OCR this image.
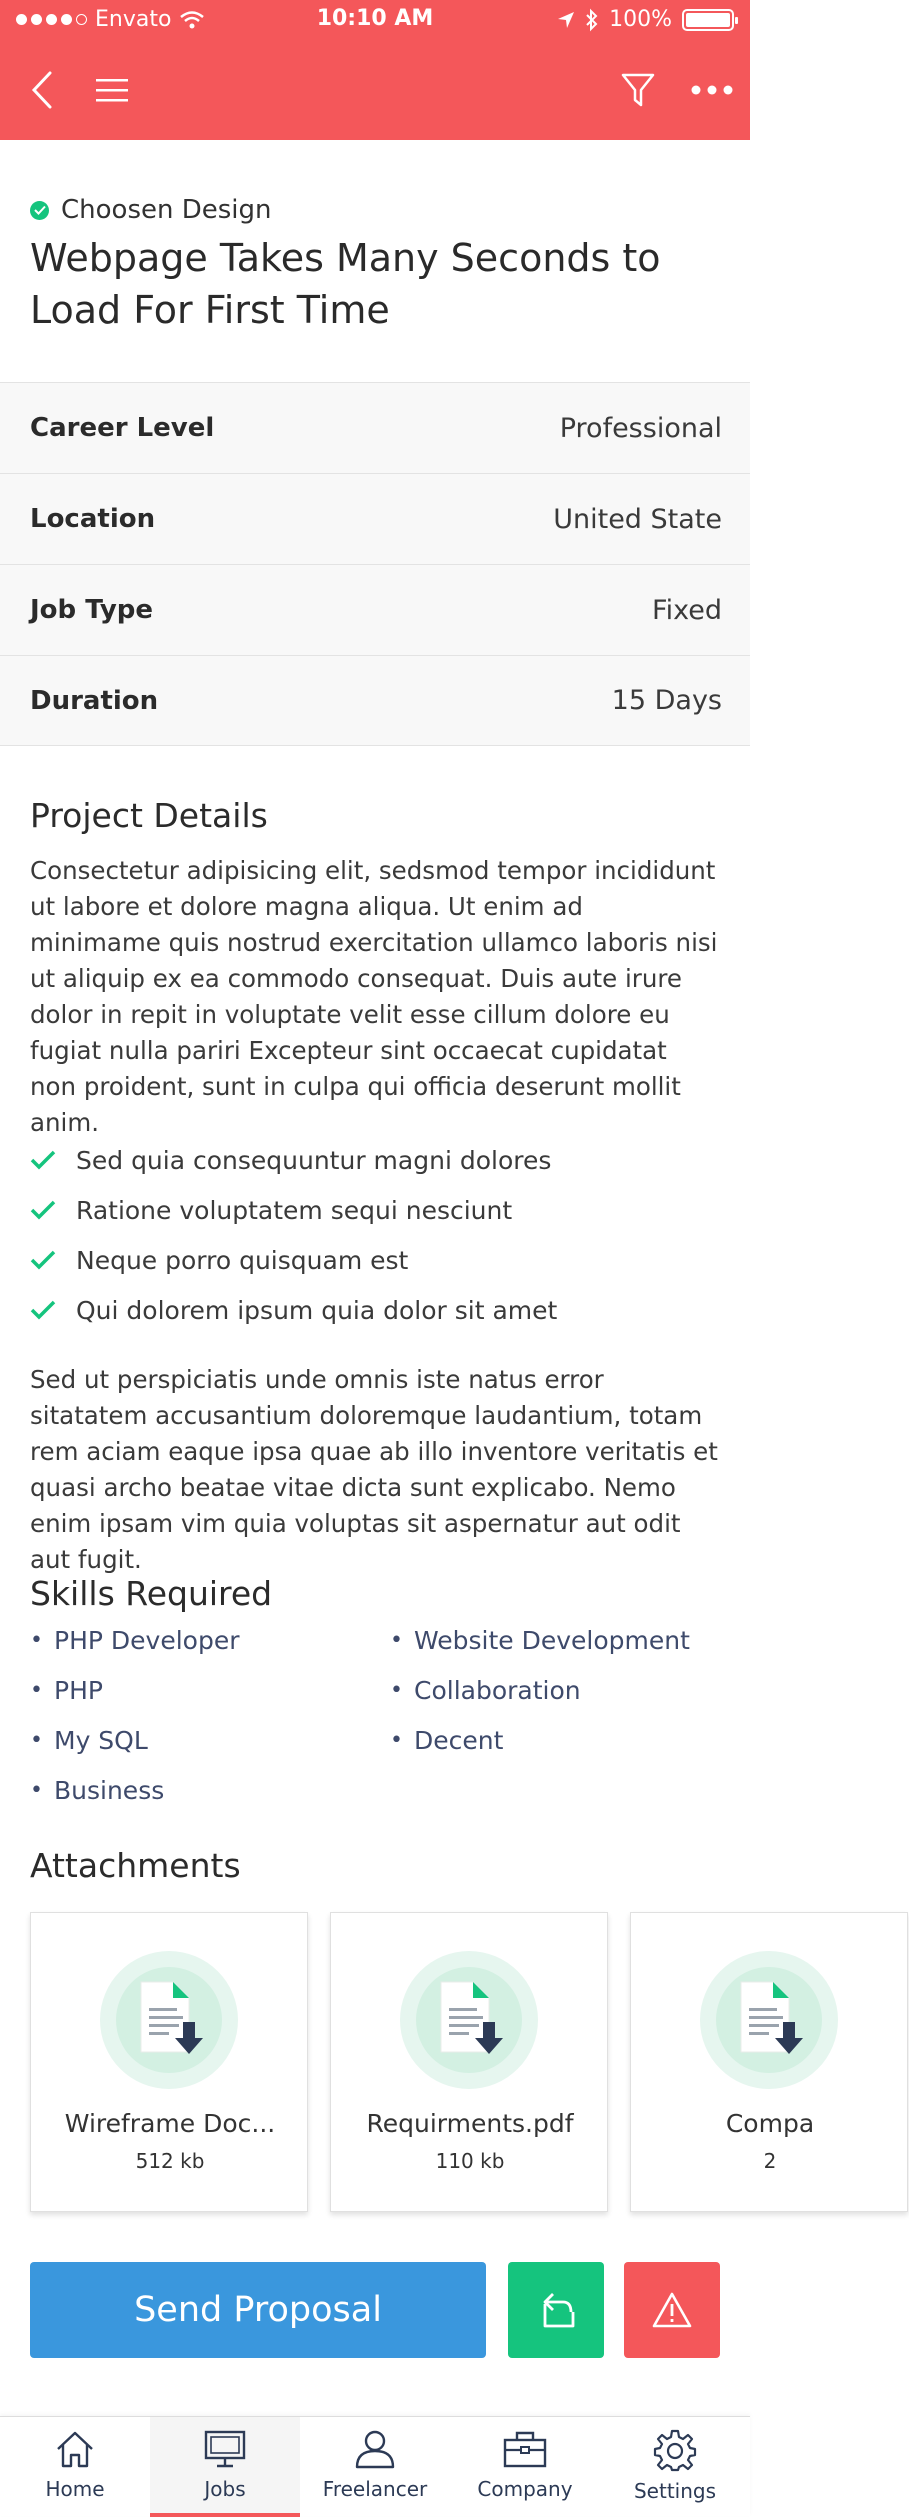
Envato	10:10 AM	100%
Choosen Design
Webpage Takes Many Seconds to Load For First Time
Career Level	Professional
Location	United State
Job Type	Fixed
Duration	15 Days
Project Details
Consectetur adipisicing elit, sedsmod tempor incididunt ut labore et dolore magna aliqua. Ut enim ad minimame quis nostrud exercitation ullamco laboris nisi ut aliquip ex ea commodo consequat. Duis aute irure dolor in repit in voluptate velit esse cillum dolore eu fugiat nulla pariri Excepteur sint occaecat cupidatat non proident, sunt in culpa qui officia deserunt mollit anim.
Sed quia consequuntur magni dolores
Ratione voluptatem sequi nesciunt
Neque porro quisquam est
Qui dolorem ipsum quia dolor sit amet
Sed ut perspiciatis unde omnis iste natus error sitatatem accusantium doloremque laudantium, totam rem aciam eaque ipsa quae ab illo inventore veritatis et quasi archo beatae vitae dicta sunt explicabo. Nemo enim ipsam vim quia voluptas sit aspernatur aut odit aut fugit.
Skills Required
• PHP Developer	• Website Development
• PHP	• Collaboration
• My SQL	• Decent
• Business
Attachments
Wireframe Doc...
512 kb
Requirments.pdf
110 kb
Compa
2
Send Proposal
Home	Jobs	Freelancer	Company	Settings
